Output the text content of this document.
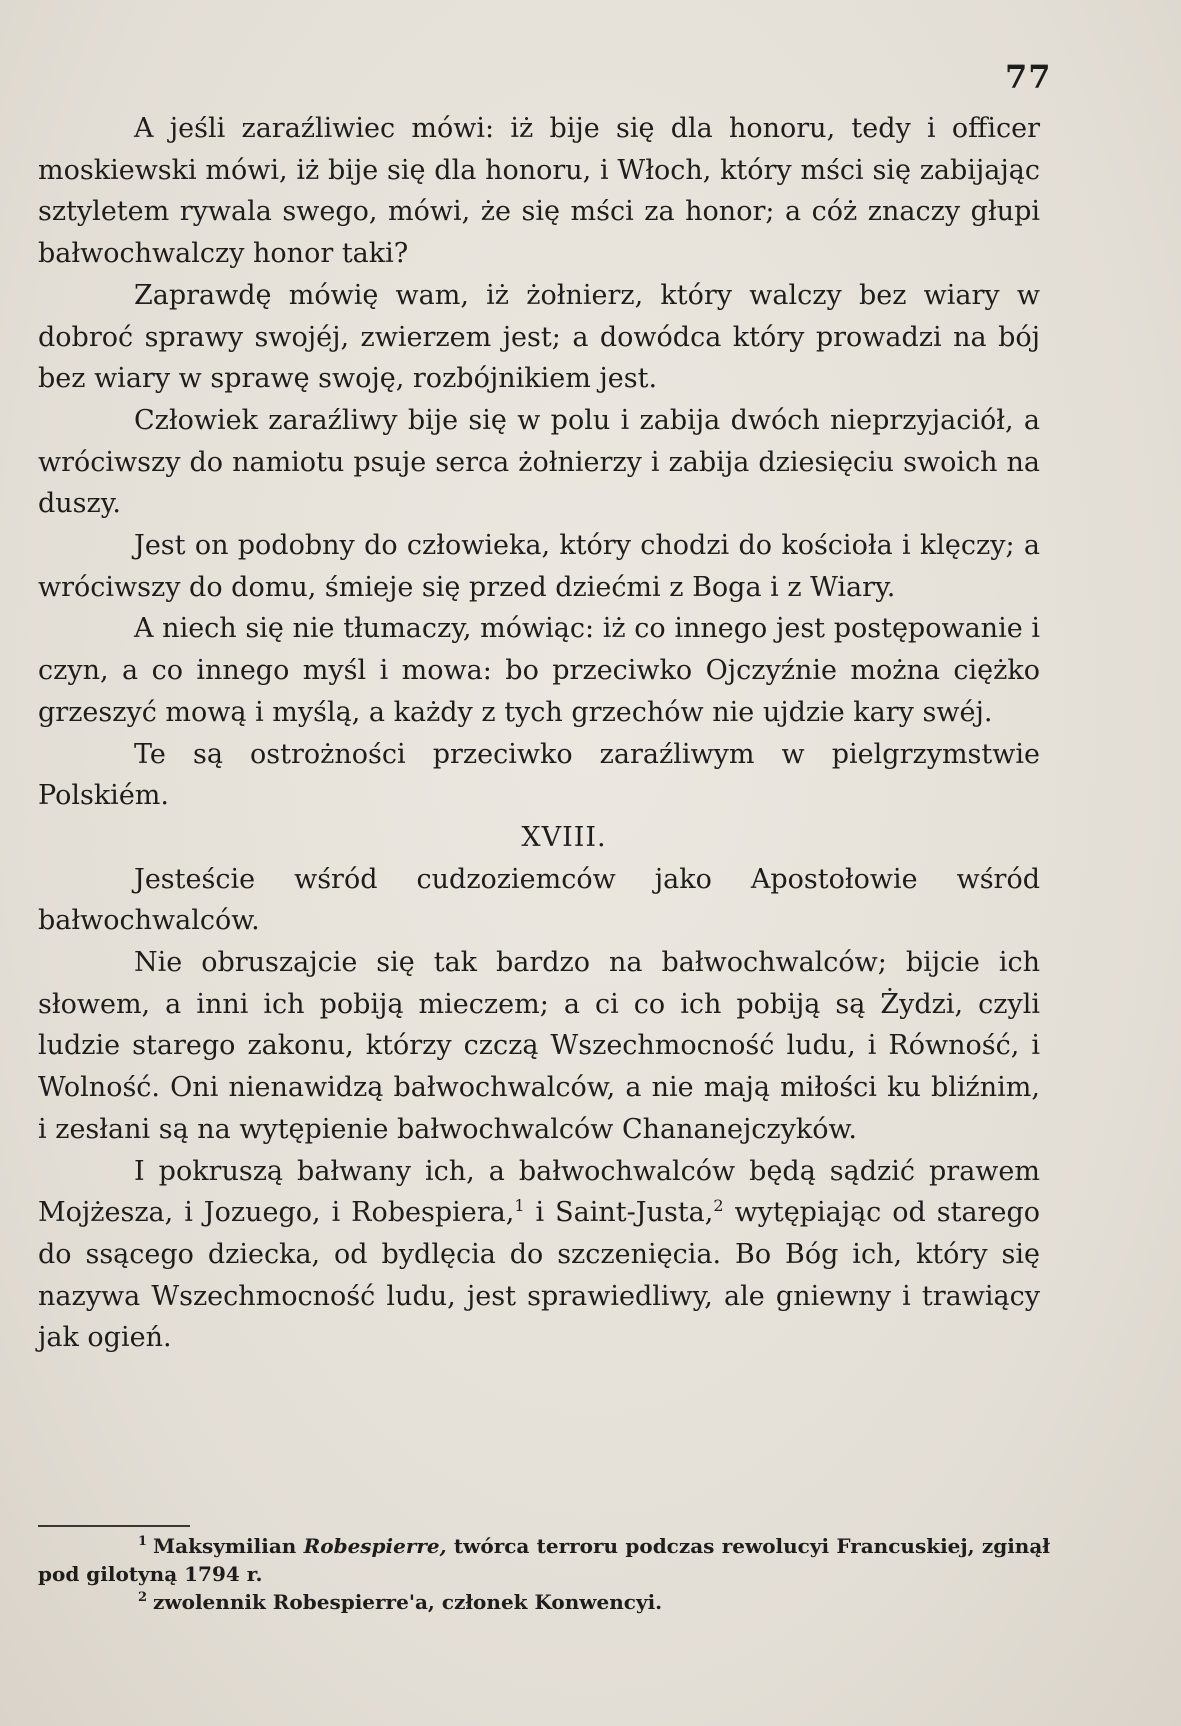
77

A jeśli zaraźliwiec mówi: iż bije się dla honoru, tedy i officer moskiewski mówi, iż bije się dla honoru, i Włoch, który mści się zabijając sztyletem rywala swego, mówi, że się mści za honor; a cóż znaczy głupi bałwochwalczy honor taki?

Zaprawdę mówię wam, iż żołnierz, który walczy bez wiary w dobroć sprawy swojéj, zwierzem jest; a dowódca który prowadzi na bój bez wiary w sprawę swoję, rozbójnikiem jest.

Człowiek zaraźliwy bije się w polu i zabija dwóch nieprzyjaciół, a wróciwszy do namiotu psuje serca żołnierzy i zabija dziesięciu swoich na duszy.

Jest on podobny do człowieka, który chodzi do kościoła i klęczy; a wróciwszy do domu, śmieje się przed dziećmi z Boga i z Wiary.

A niech się nie tłumaczy, mówiąc: iż co innego jest postępowanie i czyn, a co innego myśl i mowa: bo przeciwko Ojczyźnie można ciężko grzeszyć mową i myślą, a każdy z tych grzechów nie ujdzie kary swéj.

Te są ostrożności przeciwko zaraźliwym w pielgrzymstwie Polskiém.

XVIII.

Jesteście wśród cudzoziemców jako Apostołowie wśród bałwochwalców.

Nie obruszajcie się tak bardzo na bałwochwalców; bijcie ich słowem, a inni ich pobiją mieczem; a ci co ich pobiją są Żydzi, czyli ludzie starego zakonu, którzy czczą Wszechmocność ludu, i Równość, i Wolność. Oni nienawidzą bałwochwalców, a nie mają miłości ku bliźnim, i zesłani są na wytępienie bałwochwalców Chananejczyków.

I pokruszą bałwany ich, a bałwochwalców będą sądzić prawem Mojżesza, i Jozuego, i Robespiera,$^1$ i Saint-Justa,$^2$ wytępiając od starego do ssącego dziecka, od bydlęcia do szczenięcia. Bo Bóg ich, który się nazywa Wszechmocność ludu, jest sprawiedliwy, ale gniewny i trawiący jak ogień.

$^1$ Maksymilian Robespierre, twórca terroru podczas rewolucyi Francuskiej, zginął pod gilotyną 1794 r.

$^2$ zwolennik Robespierre'a, członek Konwencyi.
